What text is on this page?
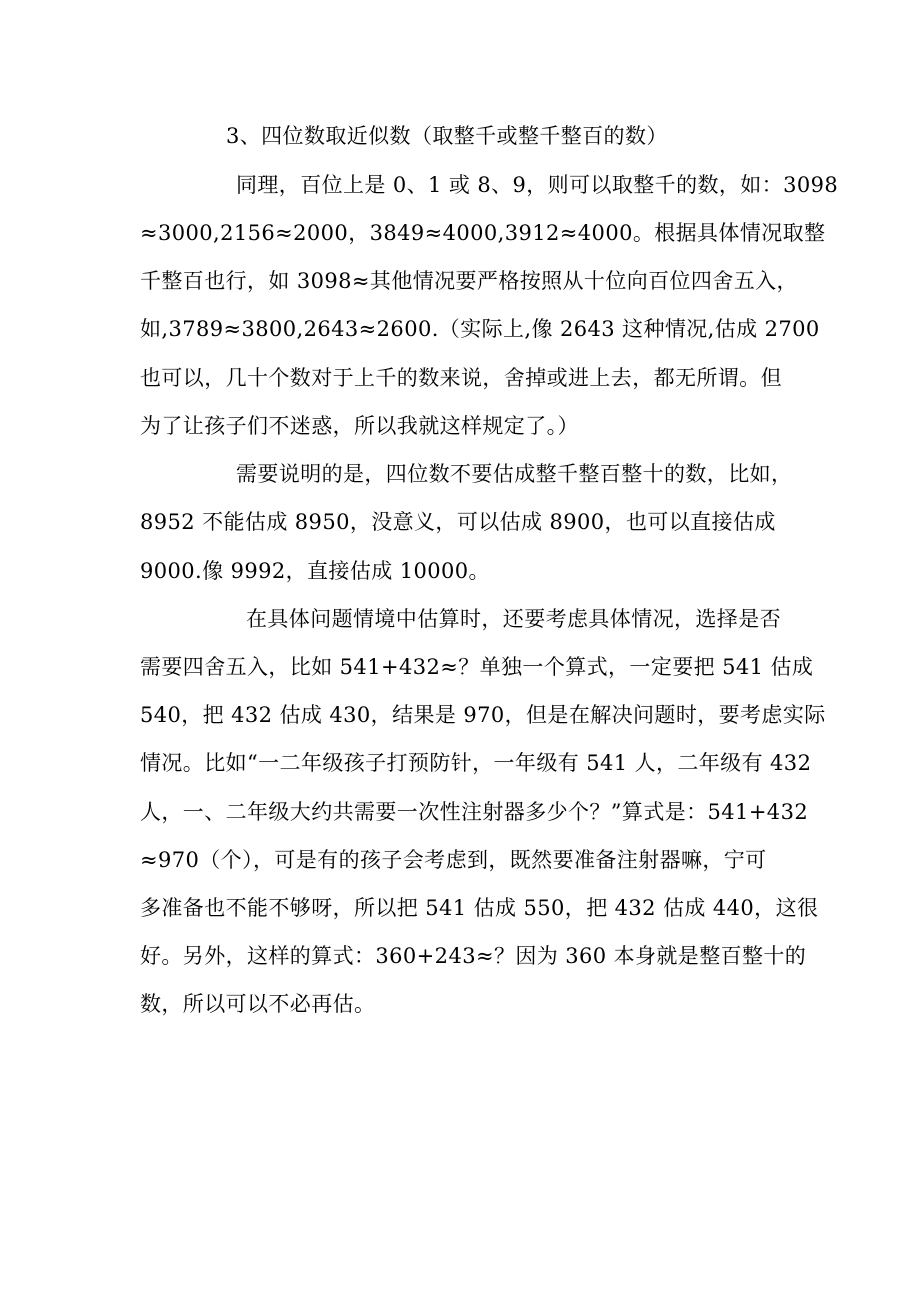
3、四位数取近似数（取整千或整千整百的数）
同理，百位上是 0、1 或 8、9，则可以取整千的数，如：3098
≈3000,2156≈2000，3849≈4000,3912≈4000。根据具体情况取整
千整百也行，如 3098≈其他情况要严格按照从十位向百位四舍五入，
如,3789≈3800,2643≈2600.（实际上,像 2643 这种情况,估成 2700
也可以，几十个数对于上千的数来说，舍掉或进上去，都无所谓。但
为了让孩子们不迷惑，所以我就这样规定了。）
需要说明的是，四位数不要估成整千整百整十的数，比如，
8952 不能估成 8950，没意义，可以估成 8900，也可以直接估成
9000.像 9992，直接估成 10000。
在具体问题情境中估算时，还要考虑具体情况，选择是否
需要四舍五入，比如 541+432≈？单独一个算式，一定要把 541 估成
540，把 432 估成 430，结果是 970，但是在解决问题时，要考虑实际
情况。比如“一二年级孩子打预防针，一年级有 541 人，二年级有 432
人，一、二年级大约共需要一次性注射器多少个？”算式是：541+432
≈970（个），可是有的孩子会考虑到，既然要准备注射器嘛，宁可
多准备也不能不够呀，所以把 541 估成 550，把 432 估成 440，这很
好。另外，这样的算式：360+243≈？因为 360 本身就是整百整十的
数，所以可以不必再估。
